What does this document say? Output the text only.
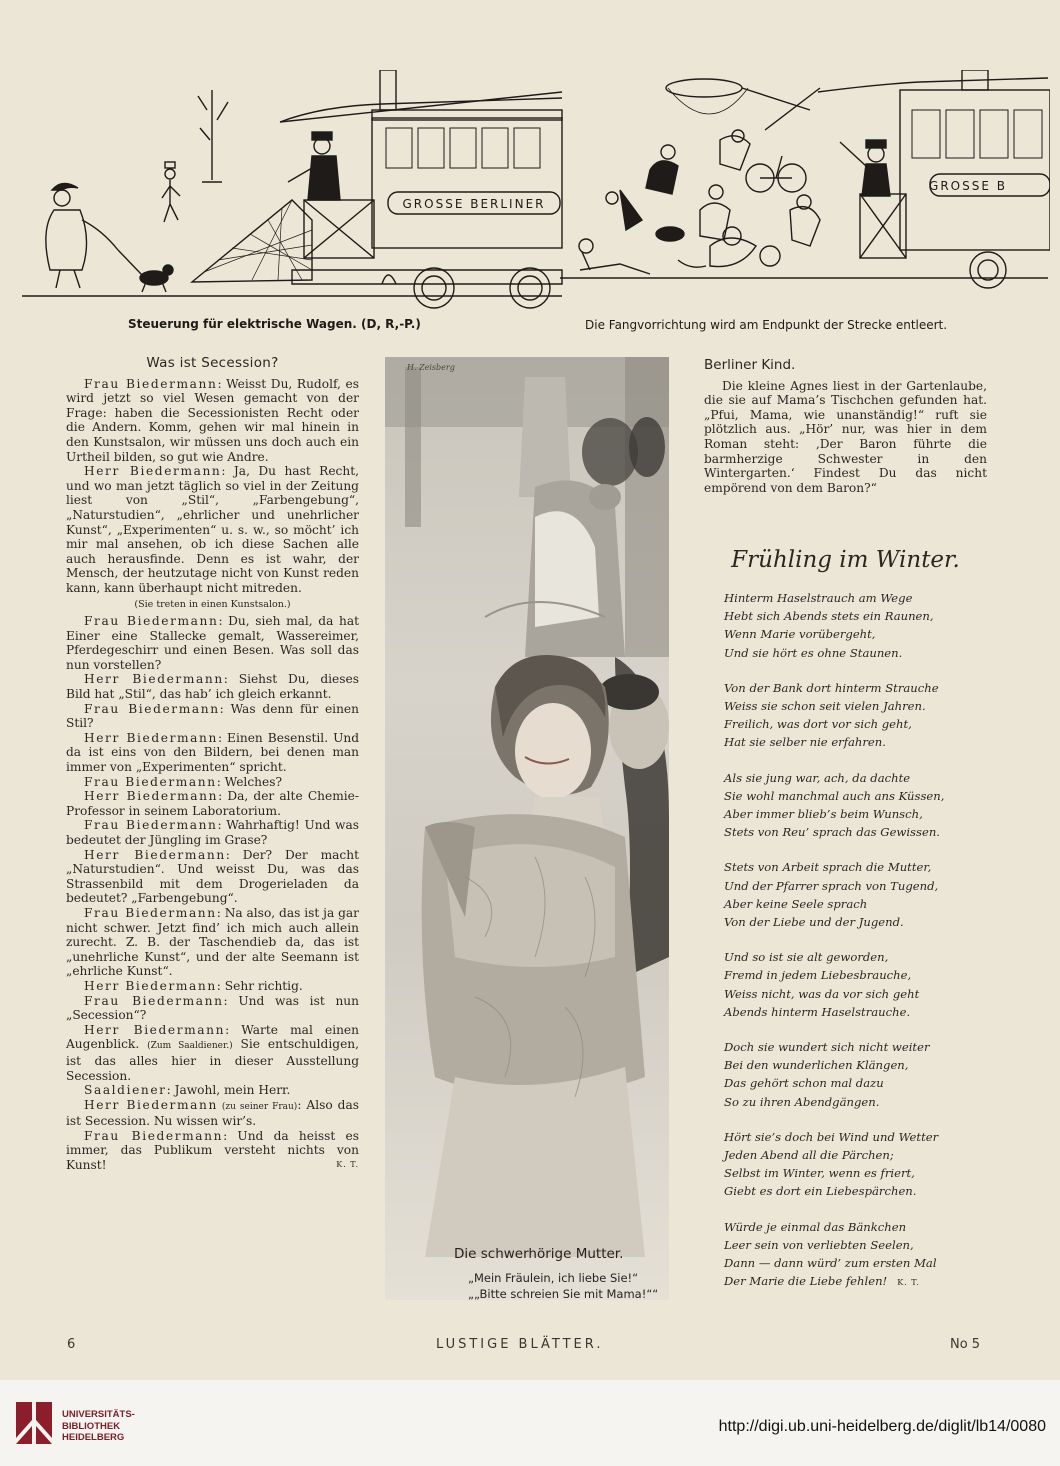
GROSSE BERLINER
GROSSE B
Steuerung für elektrische Wagen. (D, R,-P.)	Die Fangvorrichtung wird am Endpunkt der Strecke entleert.
Was ist Secession?

Frau Biedermann: Weisst Du, Rudolf, es wird jetzt so viel Wesen gemacht von der Frage: haben die Secessionisten Recht oder die Andern. Komm, gehen wir mal hinein in den Kunstsalon, wir müssen uns doch auch ein Urtheil bilden, so gut wie Andre.

Herr Biedermann: Ja, Du hast Recht, und wo man jetzt täglich so viel in der Zeitung liest von „Stil“, „Farbengebung“, „Naturstudien“, „ehrlicher und unehrlicher Kunst“, „Experimenten“ u. s. w., so möcht’ ich mir mal ansehen, ob ich diese Sachen alle auch herausfinde. Denn es ist wahr, der Mensch, der heutzutage nicht von Kunst reden kann, kann überhaupt nicht mitreden.

(Sie treten in einen Kunstsalon.)

Frau Biedermann: Du, sieh mal, da hat Einer eine Stallecke gemalt, Wassereimer, Pferdegeschirr und einen Besen. Was soll das nun vorstellen?

Herr Biedermann: Siehst Du, dieses Bild hat „Stil“, das hab’ ich gleich erkannt.

Frau Biedermann: Was denn für einen Stil?

Herr Biedermann: Einen Besenstil. Und da ist eins von den Bildern, bei denen man immer von „Experimenten“ spricht.

Frau Biedermann: Welches?

Herr Biedermann: Da, der alte Chemie-Professor in seinem Laboratorium.

Frau Biedermann: Wahrhaftig! Und was bedeutet der Jüngling im Grase?

Herr Biedermann: Der? Der macht „Naturstudien“. Und weisst Du, was das Strassenbild mit dem Drogerieladen da bedeutet? „Farbengebung“.

Frau Biedermann: Na also, das ist ja gar nicht schwer. Jetzt find’ ich mich auch allein zurecht. Z. B. der Taschendieb da, das ist „unehrliche Kunst“, und der alte Seemann ist „ehrliche Kunst“.

Herr Biedermann: Sehr richtig.

Frau Biedermann: Und was ist nun „Secession“?

Herr Biedermann: Warte mal einen Augenblick. (Zum Saaldiener.) Sie entschuldigen, ist das alles hier in dieser Ausstellung Secession.

Saaldiener: Jawohl, mein Herr.

Herr Biedermann (zu seiner Frau): Also das ist Secession. Nu wissen wir’s.

Frau Biedermann: Und da heisst es immer, das Publikum versteht nichts von Kunst!	K. T.

H. Zeisberg
Die schwerhörige Mutter.
„Mein Fräulein, ich liebe Sie!“
„„Bitte schreien Sie mit Mama!““
Berliner Kind.

Die kleine Agnes liest in der Gartenlaube, die sie auf Mama’s Tischchen gefunden hat. „Pfui, Mama, wie unanständig!“ ruft sie plötzlich aus. „Hör’ nur, was hier in dem Roman steht: ‚Der Baron führte die barmherzige Schwester in den Wintergarten.‘ Findest Du das nicht empörend von dem Baron?“

Frühling im Winter.
Hinterm Haselstrauch am Wege
Hebt sich Abends stets ein Raunen,
Wenn Marie vorübergeht,
Und sie hört es ohne Staunen.
Von der Bank dort hinterm Strauche
Weiss sie schon seit vielen Jahren.
Freilich, was dort vor sich geht,
Hat sie selber nie erfahren.
Als sie jung war, ach, da dachte
Sie wohl manchmal auch ans Küssen,
Aber immer blieb’s beim Wunsch,
Stets von Reu’ sprach das Gewissen.
Stets von Arbeit sprach die Mutter,
Und der Pfarrer sprach von Tugend,
Aber keine Seele sprach
Von der Liebe und der Jugend.
Und so ist sie alt geworden,
Fremd in jedem Liebesbrauche,
Weiss nicht, was da vor sich geht
Abends hinterm Haselstrauche.
Doch sie wundert sich nicht weiter
Bei den wunderlichen Klängen,
Das gehört schon mal dazu
So zu ihren Abendgängen.
Hört sie’s doch bei Wind und Wetter
Jeden Abend all die Pärchen;
Selbst im Winter, wenn es friert,
Giebt es dort ein Liebespärchen.
Würde je einmal das Bänkchen
Leer sein von verliebten Seelen,
Dann — dann würd’ zum ersten Mal
Der Marie die Liebe fehlen! K. T.
6	LUSTIGE BLÄTTER.	No 5
UNIVERSITÄTS-
BIBLIOTHEK
HEIDELBERG
http://digi.ub.uni-heidelberg.de/diglit/lb14/0080
